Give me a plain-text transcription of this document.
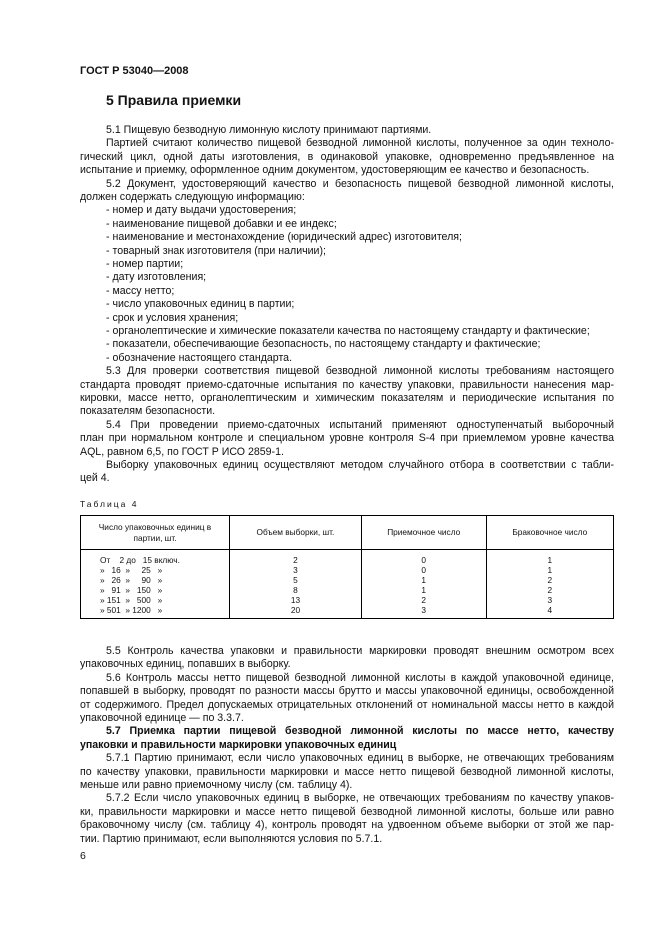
ГОСТ Р 53040—2008
5 Правила приемки
5.1 Пищевую безводную лимонную кислоту принимают партиями.
Партией считают количество пищевой безводной лимонной кислоты, полученное за один техноло-
гический цикл, одной даты изготовления, в одинаковой упаковке, одновременно предъявленное на
испытание и приемку, оформленное одним документом, удостоверяющим ее качество и безопасность.
5.2 Документ, удостоверяющий качество и безопасность пищевой безводной лимонной кислоты,
должен содержать следующую информацию:
- номер и дату выдачи удостоверения;
- наименование пищевой добавки и ее индекс;
- наименование и местонахождение (юридический адрес) изготовителя;
- товарный знак изготовителя (при наличии);
- номер партии;
- дату изготовления;
- массу нетто;
- число упаковочных единиц в партии;
- срок и условия хранения;
- органолептические и химические показатели качества по настоящему стандарту и фактические;
- показатели, обеспечивающие безопасность, по настоящему стандарту и фактические;
- обозначение настоящего стандарта.
5.3 Для проверки соответствия пищевой безводной лимонной кислоты требованиям настоящего
стандарта проводят приемо-сдаточные испытания по качеству упаковки, правильности нанесения мар-
кировки, массе нетто, органолептическим и химическим показателям и периодические испытания по
показателям безопасности.
5.4 При проведении приемо-сдаточных испытаний применяют одноступенчатый выборочный
план при нормальном контроле и специальном уровне контроля S-4 при приемлемом уровне качества
AQL, равном 6,5, по ГОСТ Р ИСО 2859-1.
Выборку упаковочных единиц осуществляют методом случайного отбора в соответствии с табли-
цей 4.
Таблица 4
Число упаковочных единиц в партии, шт.	Объем выборки, шт.	Приемочное число	Браковочное число
От    2 до   15 включ.	2	0	1
»   16  »     25   »	3	0	1
»   26  »     90   »	5	1	2
»   91  »   150   »	8	1	2
» 151  »   500   »	13	2	3
» 501  » 1200   »	20	3	4
5.5 Контроль качества упаковки и правильности маркировки проводят внешним осмотром всех
упаковочных единиц, попавших в выборку.
5.6 Контроль массы нетто пищевой безводной лимонной кислоты в каждой упаковочной единице,
попавшей в выборку, проводят по разности массы брутто и массы упаковочной единицы, освобожденной
от содержимого. Предел допускаемых отрицательных отклонений от номинальной массы нетто в каждой
упаковочной единице — по 3.3.7.
5.7 Приемка партии пищевой безводной лимонной кислоты по массе нетто, качеству
упаковки и правильности маркировки упаковочных единиц
5.7.1 Партию принимают, если число упаковочных единиц в выборке, не отвечающих требованиям
по качеству упаковки, правильности маркировки и массе нетто пищевой безводной лимонной кислоты,
меньше или равно приемочному числу (см. таблицу 4).
5.7.2 Если число упаковочных единиц в выборке, не отвечающих требованиям по качеству упаков-
ки, правильности маркировки и массе нетто пищевой безводной лимонной кислоты, больше или равно
браковочному числу (см. таблицу 4), контроль проводят на удвоенном объеме выборки от этой же пар-
тии. Партию принимают, если выполняются условия по 5.7.1.
6
